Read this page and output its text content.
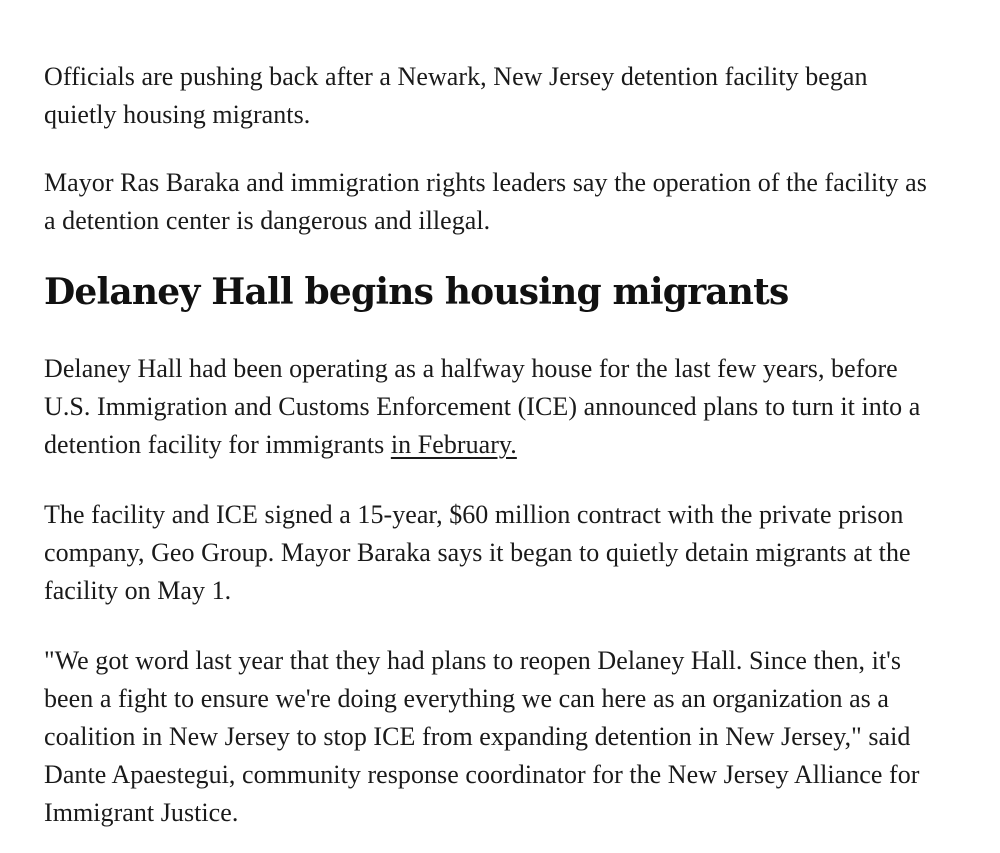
Officials are pushing back after a Newark, New Jersey detention facility began quietly housing migrants.

Mayor Ras Baraka and immigration rights leaders say the operation of the facility as a detention center is dangerous and illegal.

Delaney Hall begins housing migrants

Delaney Hall had been operating as a halfway house for the last few years, before U.S. Immigration and Customs Enforcement (ICE) announced plans to turn it into a detention facility for immigrants in February.

The facility and ICE signed a 15-year, $60 million contract with the private prison company, Geo Group. Mayor Baraka says it began to quietly detain migrants at the facility on May 1.

"We got word last year that they had plans to reopen Delaney Hall. Since then, it's been a fight to ensure we're doing everything we can here as an organization as a coalition in New Jersey to stop ICE from expanding detention in New Jersey," said Dante Apaestegui, community response coordinator for the New Jersey Alliance for Immigrant Justice.
